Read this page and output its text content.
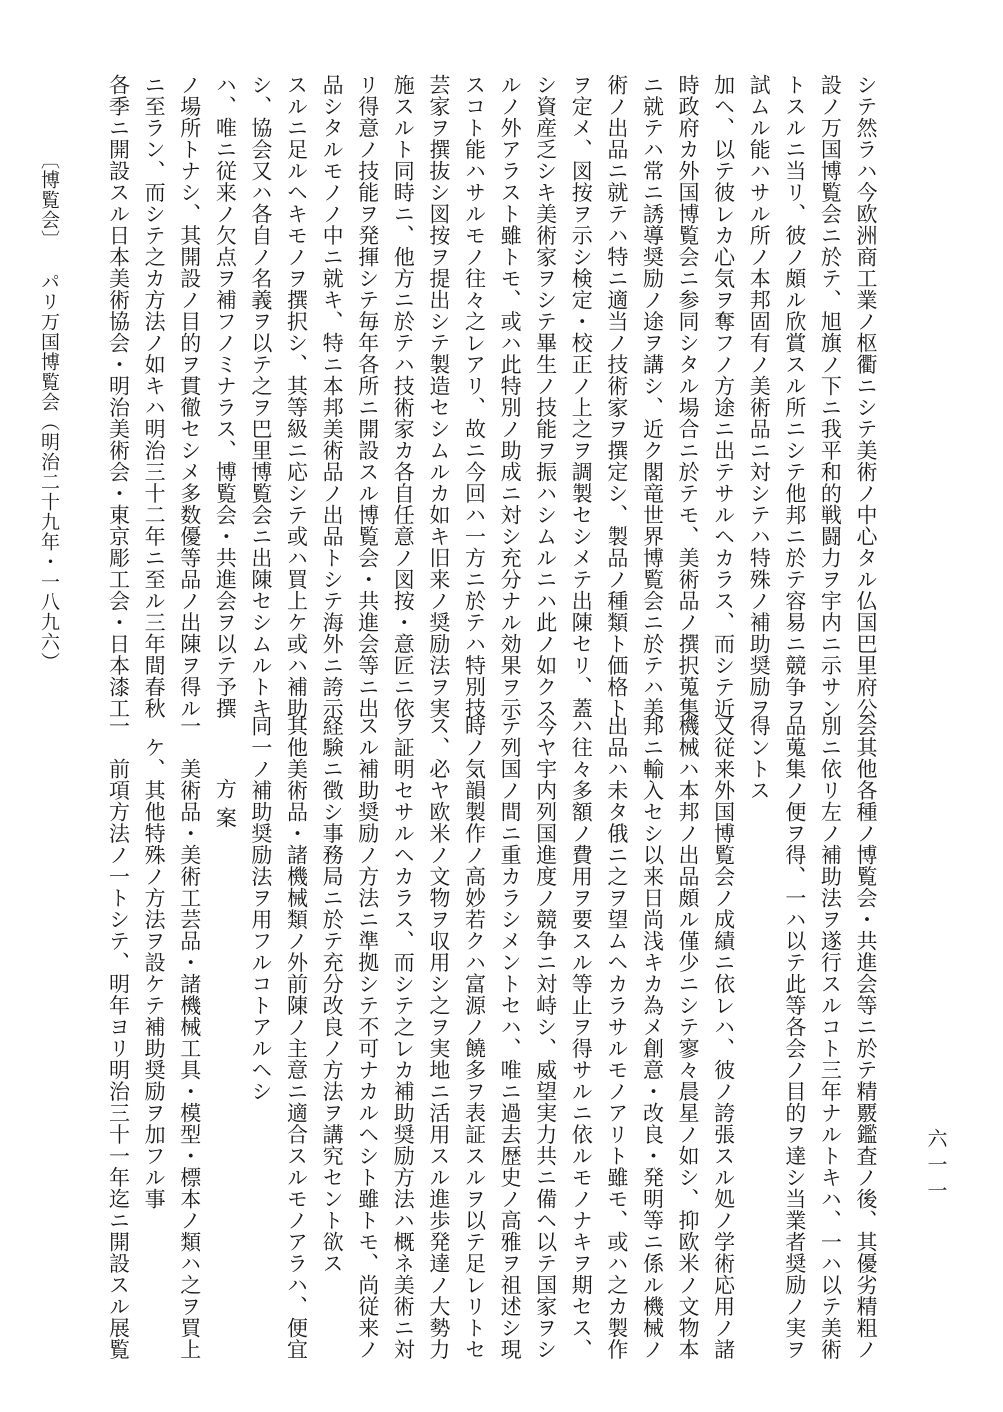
シテ然ラハ今欧洲商工業ノ枢衢ニシテ美術ノ中心タル仏国巴里府公
設ノ万国博覧会ニ於テ、旭旗ノ下ニ我平和的戦闘力ヲ宇内ニ示サン
トスルニ当リ、彼ノ頗ル欣賞スル所ニシテ他邦ニ於テ容易ニ競争ヲ
試ムル能ハサル所ノ本邦固有ノ美術品ニ対シテハ特殊ノ補助奨励ヲ
加ヘ、以テ彼レカ心気ヲ奪フノ方途ニ出テサルヘカラス、而シテ近
時政府カ外国博覧会ニ参同シタル場合ニ於テモ、美術品ノ撰択蒐集
ニ就テハ常ニ誘導奨励ノ途ヲ講シ、近ク閣竜世界博覧会ニ於テハ美
術ノ出品ニ就テハ特ニ適当ノ技術家ヲ撰定シ、製品ノ種類ト価格ト
ヲ定メ、図按ヲ示シ検定・校正ノ上之ヲ調製セシメテ出陳セリ、蓋
シ資産乏シキ美術家ヲシテ畢生ノ技能ヲ振ハシムルニハ此ノ如クス
ルノ外アラスト雖トモ、或ハ此特別ノ助成ニ対シ充分ナル効果ヲ示
スコト能ハサルモノ往々之レアリ、故ニ今回ハ一方ニ於テハ特別技
芸家ヲ撰抜シ図按ヲ提出シテ製造セシムルカ如キ旧来ノ奨励法ヲ実
施スルト同時ニ、他方ニ於テハ技術家カ各自任意ノ図按・意匠ニ依
リ得意ノ技能ヲ発揮シテ毎年各所ニ開設スル博覧会・共進会等ニ出
品シタルモノノ中ニ就キ、特ニ本邦美術品ノ出品トシテ海外ニ誇示
スルニ足ルヘキモノヲ撰択シ、其等級ニ応シテ或ハ買上ケ或ハ補助
シ、協会又ハ各自ノ名義ヲ以テ之ヲ巴里博覧会ニ出陳セシムルトキ
ハ、唯ニ従来ノ欠点ヲ補フノミナラス、博覧会・共進会ヲ以テ予撰
ノ場所トナシ、其開設ノ目的ヲ貫徹セシメ多数優等品ノ出陳ヲ得ル
ニ至ラン、而シテ之カ方法ノ如キハ明治三十二年ニ至ル三年間春秋
各季ニ開設スル日本美術協会・明治美術会・東京彫工会・日本漆工
会其他各種ノ博覧会・共進会等ニ於テ精覈鑑査ノ後、其優劣精粗ノ
別ニ依リ左ノ補助法ヲ遂行スルコト三年ナルトキハ、一ハ以テ美術
品蒐集ノ便ヲ得、一ハ以テ此等各会ノ目的ヲ達シ当業者奨励ノ実ヲ
得ントス
又従来外国博覧会ノ成績ニ依レハ、彼ノ誇張スル処ノ学術応用ノ諸
機械ハ本邦ノ出品頗ル僅少ニシテ寥々晨星ノ如シ、抑欧米ノ文物本
邦ニ輸入セシ以来日尚浅キカ為メ創意・改良・発明等ニ係ル機械ノ
出品ハ未タ俄ニ之ヲ望ムヘカラサルモノアリト雖モ、或ハ之カ製作
ハ往々多額ノ費用ヲ要スル等止ヲ得サルニ依ルモノナキヲ期セス、
今ヤ宇内列国進度ノ競争ニ対峙シ、威望実力共ニ備ヘ以テ国家ヲシ
テ列国ノ間ニ重カラシメントセハ、唯ニ過去歴史ノ高雅ヲ祖述シ現
時ノ気韻製作ノ高妙若クハ富源ノ饒多ヲ表証スルヲ以テ足レリトセ
ス、必ヤ欧米ノ文物ヲ収用シ之ヲ実地ニ活用スル進歩発達ノ大勢力
ヲ証明セサルヘカラス、而シテ之レカ補助奨励方法ハ概ネ美術ニ対
スル補助奨励ノ方法ニ準拠シテ不可ナカルヘシト雖トモ、尚従来ノ
経験ニ徴シ事務局ニ於テ充分改良ノ方法ヲ講究セント欲ス
其他美術品・諸機械類ノ外前陳ノ主意ニ適合スルモノアラハ、便宜
同一ノ補助奨励法ヲ用フルコトアルヘシ
方案
一　美術品・美術工芸品・諸機械工具・模型・標本ノ類ハ之ヲ買上
　ケ、其他特殊ノ方法ヲ設ケテ補助奨励ヲ加フル事
一　前項方法ノ一トシテ、明年ヨリ明治三十一年迄ニ開設スル展覧
〔博覧会〕パリ万国博覧会（明治二十九年・一八九六）
六一一
